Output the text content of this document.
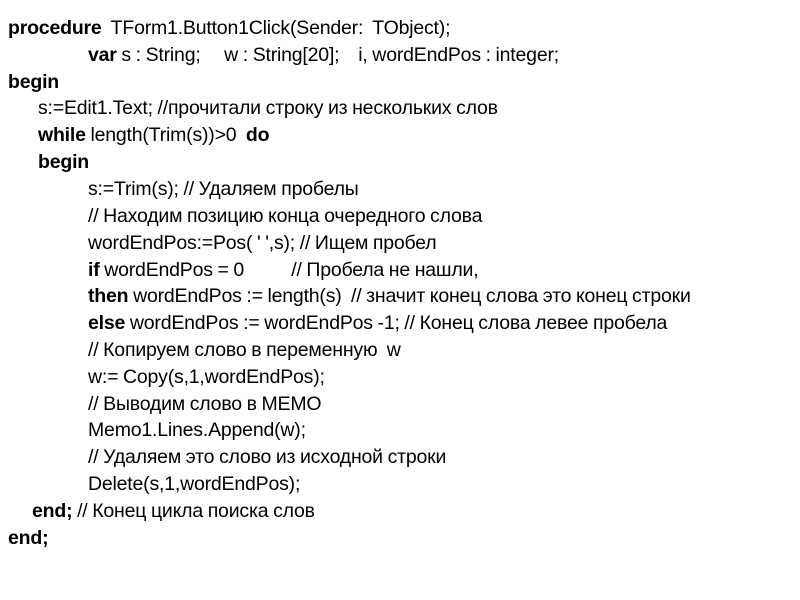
procedure  TForm1.Button1Click(Sender:  TObject);
var s : String;     w : String[20];    i, wordEndPos : integer;
begin
s:=Edit1.Text; //прочитали строку из нескольких слов
while length(Trim(s))>0  do
begin
s:=Trim(s); // Удаляем пробелы
// Находим позицию конца очередного слова
wordEndPos:=Pos( ' ',s); // Ищем пробел
if wordEndPos = 0          // Пробела не нашли,
then wordEndPos := length(s)  // значит конец слова это конец строки
else wordEndPos := wordEndPos -1; // Конец слова левее пробела
// Копируем слово в переменную  w
w:= Copy(s,1,wordEndPos);
// Выводим слово в MEMO
Memo1.Lines.Append(w);
// Удаляем это слово из исходной строки
Delete(s,1,wordEndPos);
end; // Конец цикла поиска слов
end;
